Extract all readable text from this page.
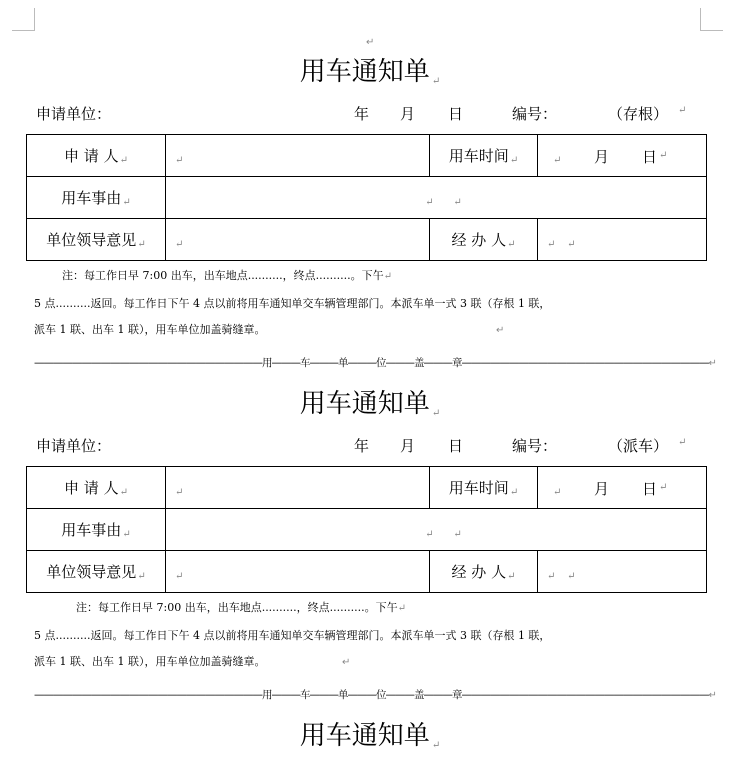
↵
用车通知单 ↵
申请单位：	年 月 日	编号：	（存根） ↵
申 请 人↵	↵	用车时间↵	月 日 ↵
↵
用车事由↵	↵ ↵		
单位领导意见↵	↵	经 办 人↵	↵ ↵
注：每工作日早 7:00 出车，出车地点..........，终点..........。下午↵
5 点..........返回。每工作日下午 4 点以前将用车通知单交车辆管理部门。本派车单一式 3 联（存根 1 联，
派车 1 联、出车 1 联），用车单位加盖骑缝章。	↵
————————————————————————用———车———单———位———盖———章——————————————————————————↵
用车通知单 ↵
申请单位：	年 月 日	编号：	（派车） ↵
申 请 人↵	↵	用车时间↵	月 日 ↵
↵
用车事由↵	↵ ↵		
单位领导意见↵	↵	经 办 人↵	↵ ↵
注：每工作日早 7:00 出车，出车地点..........，终点..........。下午↵
5 点..........返回。每工作日下午 4 点以前将用车通知单交车辆管理部门。本派车单一式 3 联（存根 1 联，
派车 1 联、出车 1 联），用车单位加盖骑缝章。	↵
————————————————————————用———车———单———位———盖———章——————————————————————————↵
用车通知单 ↵
